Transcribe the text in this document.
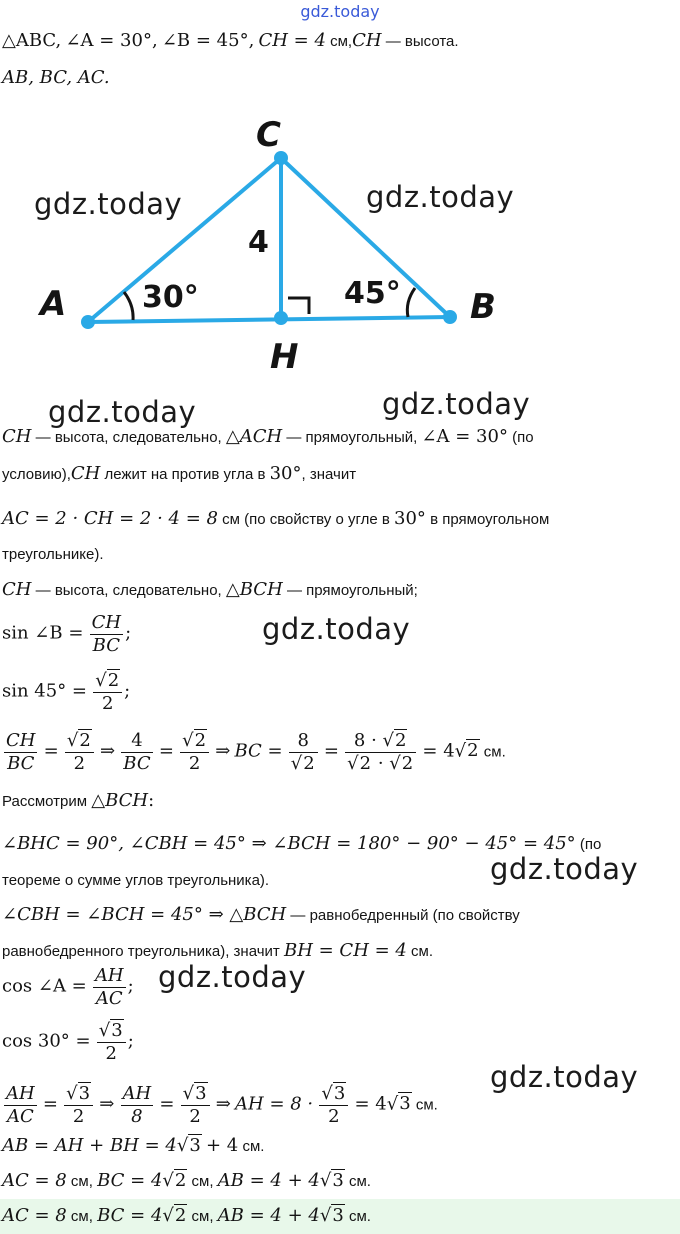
gdz.today
△ABC, ∠A = 30°, ∠B = 45°, CH = 4 см,CH — высота.
AB, BC, AC.
C
A	B
H
4
30°	45°
gdz.today	gdz.today
gdz.today	gdz.today
gdz.today
gdz.today
gdz.today
gdz.today
CH — высота, следовательно, △ACH — прямоугольный, ∠A = 30° (по
условию),CH лежит на против угла в 30°, значит
AC = 2 · CH = 2 · 4 = 8 см (по свойству о угле в 30° в прямоугольном
треугольнике).
CH — высота, следовательно, △BCH — прямоугольный;
sin ∠B = $\frac{CH}{BC}$ ;
$\sin 45^\circ = \frac{√2}{2}$ ;
$\frac{CH}{BC} = \frac{√2}{2}$ ⇒ $\frac{4}{BC} = \frac{√2}{2}$ ⇒ BC = $\frac{8}{√2} = \frac{8 \cdot √2}{√2 \cdot √2} = 4√2$ см.
Рассмотрим △BCH:
∠BHC = 90°, ∠CBH = 45° ⇒ ∠BCH = 180° − 90° − 45° = 45° (по
теореме о сумме углов треугольника).
∠CBH = ∠BCH = 45° ⇒ △BCH — равнобедренный (по свойству
равнобедренного треугольника), значит BH = CH = 4 см.
cos ∠A = $\frac{AH}{AC}$ ;
$\cos 30^\circ = \frac{√3}{2}$ ;
$\frac{AH}{AC} = \frac{√3}{2}$ ⇒ $\frac{AH}{8} = \frac{√3}{2}$ ⇒ AH = $8 \cdot \frac{√3}{2} = 4√3$ см.
AB = AH + BH = 4√3 + 4 см.
AC = 8 см, BC = 4√2 см, AB = 4 + 4√3 см.
AC = 8 см, BC = 4√2 см, AB = 4 + 4√3 см.
